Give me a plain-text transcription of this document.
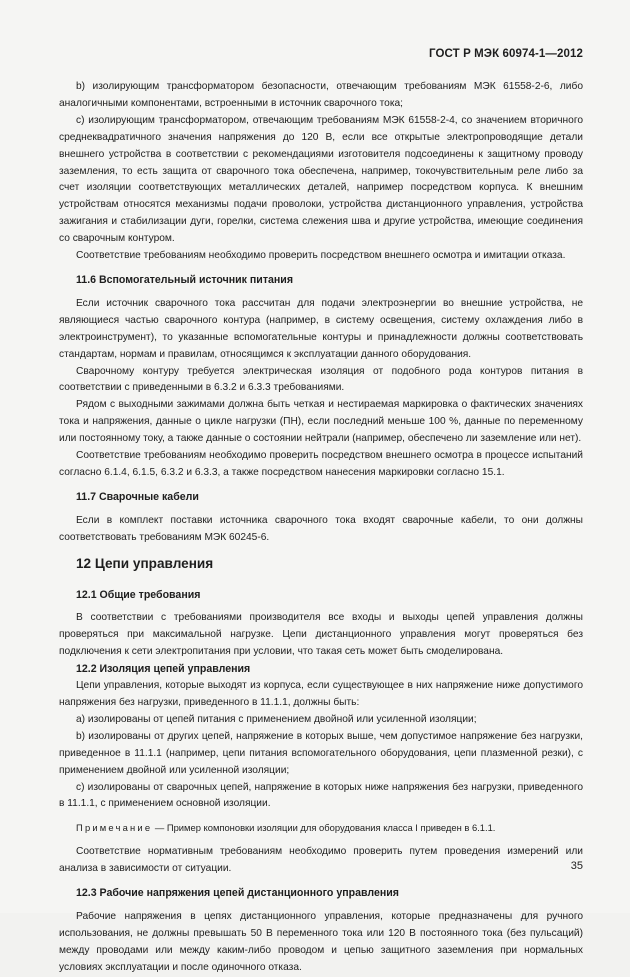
ГОСТ Р МЭК 60974-1—2012

b) изолирующим трансформатором безопасности, отвечающим требованиям МЭК 61558-2-6, либо аналогичными компонентами, встроенными в источник сварочного тока;

c) изолирующим трансформатором, отвечающим требованиям МЭК 61558-2-4, со значением вторичного среднеквадратичного значения напряжения до 120 В, если все открытые электропроводящие детали внешнего устройства в соответствии с рекомендациями изготовителя подсоединены к защитному проводу заземления, то есть защита от сварочного тока обеспечена, например, токочувствительным реле либо за счет изоляции соответствующих металлических деталей, например посредством корпуса. К внешним устройствам относятся механизмы подачи проволоки, устройства дистанционного управления, устройства зажигания и стабилизации дуги, горелки, система слежения шва и другие устройства, имеющие соединения со сварочным контуром.

Соответствие требованиям необходимо проверить посредством внешнего осмотра и имитации отказа.

11.6 Вспомогательный источник питания

Если источник сварочного тока рассчитан для подачи электроэнергии во внешние устройства, не являющиеся частью сварочного контура (например, в систему освещения, систему охлаждения либо в электроинструмент), то указанные вспомогательные контуры и принадлежности должны соответствовать стандартам, нормам и правилам, относящимся к эксплуатации данного оборудования.

Сварочному контуру требуется электрическая изоляция от подобного рода контуров питания в соответствии с приведенными в 6.3.2 и 6.3.3 требованиями.

Рядом с выходными зажимами должна быть четкая и нестираемая маркировка о фактических значениях тока и напряжения, данные о цикле нагрузки (ПН), если последний меньше 100 %, данные по переменному или постоянному току, а также данные о состоянии нейтрали (например, обеспечено ли заземление или нет).

Соответствие требованиям необходимо проверить посредством внешнего осмотра в процессе испытаний согласно 6.1.4, 6.1.5, 6.3.2 и 6.3.3, а также посредством нанесения маркировки согласно 15.1.

11.7 Сварочные кабели

Если в комплект поставки источника сварочного тока входят сварочные кабели, то они должны соответствовать требованиям МЭК 60245-6.

12 Цепи управления
12.1 Общие требования

В соответствии с требованиями производителя все входы и выходы цепей управления должны проверяться при максимальной нагрузке. Цепи дистанционного управления могут проверяться без подключения к сети электропитания при условии, что такая сеть может быть смоделирована.

12.2 Изоляция цепей управления

Цепи управления, которые выходят из корпуса, если существующее в них напряжение ниже допустимого напряжения без нагрузки, приведенного в 11.1.1, должны быть:

a) изолированы от цепей питания с применением двойной или усиленной изоляции;

b) изолированы от других цепей, напряжение в которых выше, чем допустимое напряжение без нагрузки, приведенное в 11.1.1 (например, цепи питания вспомогательного оборудования, цепи плазменной резки), с применением двойной или усиленной изоляции;

c) изолированы от сварочных цепей, напряжение в которых ниже напряжения без нагрузки, приведенного в 11.1.1, с применением основной изоляции.

Примечание — Пример компоновки изоляции для оборудования класса I приведен в 6.1.1.

Соответствие нормативным требованиям необходимо проверить путем проведения измерений или анализа в зависимости от ситуации.

12.3 Рабочие напряжения цепей дистанционного управления

Рабочие напряжения в цепях дистанционного управления, которые предназначены для ручного использования, не должны превышать 50 В переменного тока или 120 В постоянного тока (без пульсаций) между проводами или между каким-либо проводом и цепью защитного заземления при нормальных условиях эксплуатации и после одиночного отказа.

35
